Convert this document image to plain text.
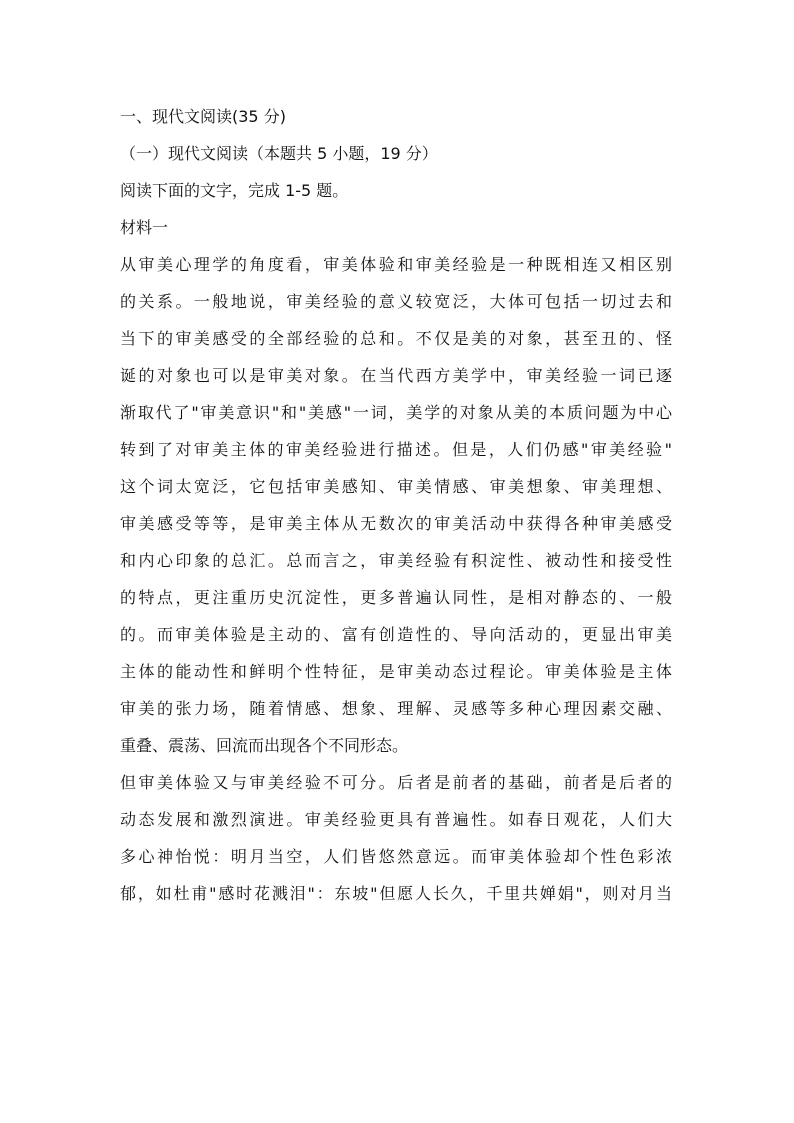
一、现代文阅读(35 分)
（一）现代文阅读（本题共 5 小题，19 分）
阅读下面的文字，完成 1-5 题。
材料一
从审美心理学的角度看，审美体验和审美经验是一种既相连又相区别
的关系。一般地说，审美经验的意义较宽泛，大体可包括一切过去和
当下的审美感受的全部经验的总和。不仅是美的对象，甚至丑的、怪
诞的对象也可以是审美对象。在当代西方美学中，审美经验一词已逐
渐取代了"审美意识"和"美感"一词，美学的对象从美的本质问题为中心
转到了对审美主体的审美经验进行描述。但是，人们仍感"审美经验"
这个词太宽泛，它包括审美感知、审美情感、审美想象、审美理想、
审美感受等等，是审美主体从无数次的审美活动中获得各种审美感受
和内心印象的总汇。总而言之，审美经验有积淀性、被动性和接受性
的特点，更注重历史沉淀性，更多普遍认同性，是相对静态的、一般
的。而审美体验是主动的、富有创造性的、导向活动的，更显出审美
主体的能动性和鲜明个性特征，是审美动态过程论。审美体验是主体
审美的张力场，随着情感、想象、理解、灵感等多种心理因素交融、
重叠、震荡、回流而出现各个不同形态。
但审美体验又与审美经验不可分。后者是前者的基础，前者是后者的
动态发展和激烈演进。审美经验更具有普遍性。如春日观花，人们大
多心神怡悦：明月当空，人们皆悠然意远。而审美体验却个性色彩浓
郁，如杜甫"感时花溅泪"：东坡"但愿人长久，千里共婵娟"，则对月当
